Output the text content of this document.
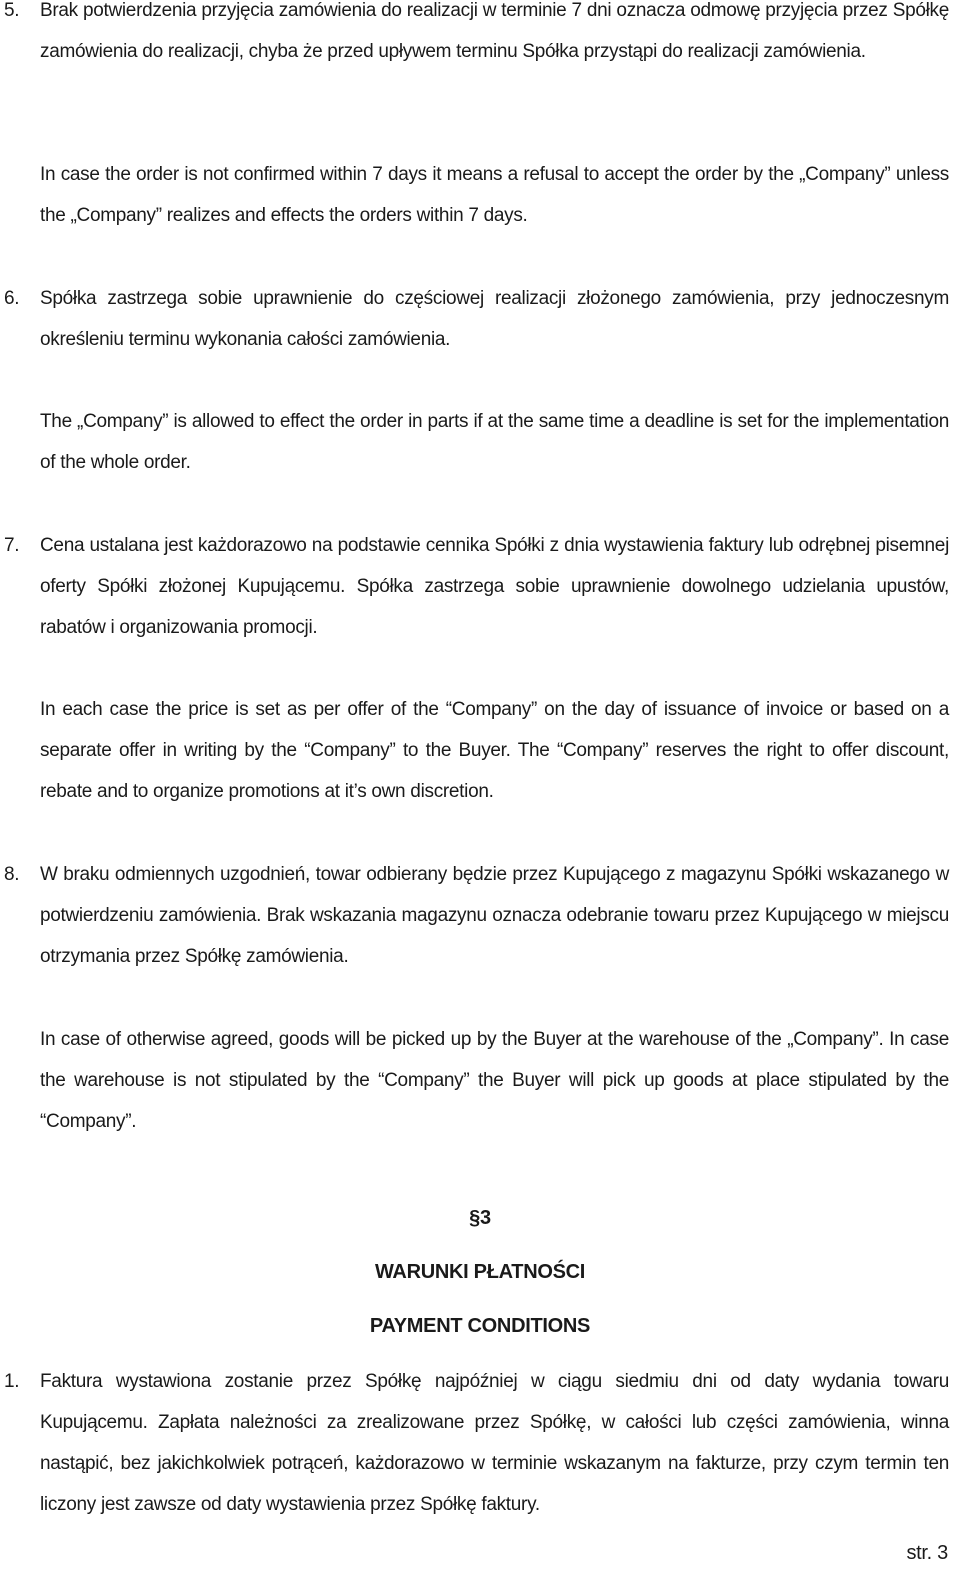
5. Brak potwierdzenia przyjęcia zamówienia do realizacji w terminie 7 dni oznacza odmowę przyjęcia przez Spółkę zamówienia do realizacji, chyba że przed upływem terminu Spółka przystąpi do realizacji zamówienia.

In case the order is not confirmed within 7 days it means a refusal to accept the order by the „Company” unless the „Company” realizes and effects the orders within 7 days.

6. Spółka zastrzega sobie uprawnienie do częściowej realizacji złożonego zamówienia, przy jednoczesnym określeniu terminu wykonania całości zamówienia.

The „Company” is allowed to effect the order in parts if at the same time a deadline is set for the implementation of the whole order.

7. Cena ustalana jest każdorazowo na podstawie cennika Spółki z dnia wystawienia faktury lub odrębnej pisemnej oferty Spółki złożonej Kupującemu. Spółka zastrzega sobie uprawnienie dowolnego udzielania upustów, rabatów i organizowania promocji.

In each case the price is set as per offer of the “Company” on the day of issuance of invoice or based on a separate offer in writing by the “Company” to the Buyer. The “Company” reserves the right to offer discount, rebate and to organize promotions at it’s own discretion.

8. W braku odmiennych uzgodnień, towar odbierany będzie przez Kupującego z magazynu Spółki wskazanego w potwierdzeniu zamówienia. Brak wskazania magazynu oznacza odebranie towaru przez Kupującego w miejscu otrzymania przez Spółkę zamówienia.

In case of otherwise agreed, goods will be picked up by the Buyer at the warehouse of the „Company”. In case the warehouse is not stipulated by the “Company” the Buyer will pick up goods at place stipulated by the “Company”.

§3
WARUNKI PŁATNOŚCI
PAYMENT CONDITIONS
1. Faktura wystawiona zostanie przez Spółkę najpóźniej w ciągu siedmiu dni od daty wydania towaru Kupującemu. Zapłata należności za zrealizowane przez Spółkę, w całości lub części zamówienia, winna nastąpić, bez jakichkolwiek potrąceń, każdorazowo w terminie wskazanym na fakturze, przy czym termin ten liczony jest zawsze od daty wystawienia przez Spółkę faktury.

str. 3
